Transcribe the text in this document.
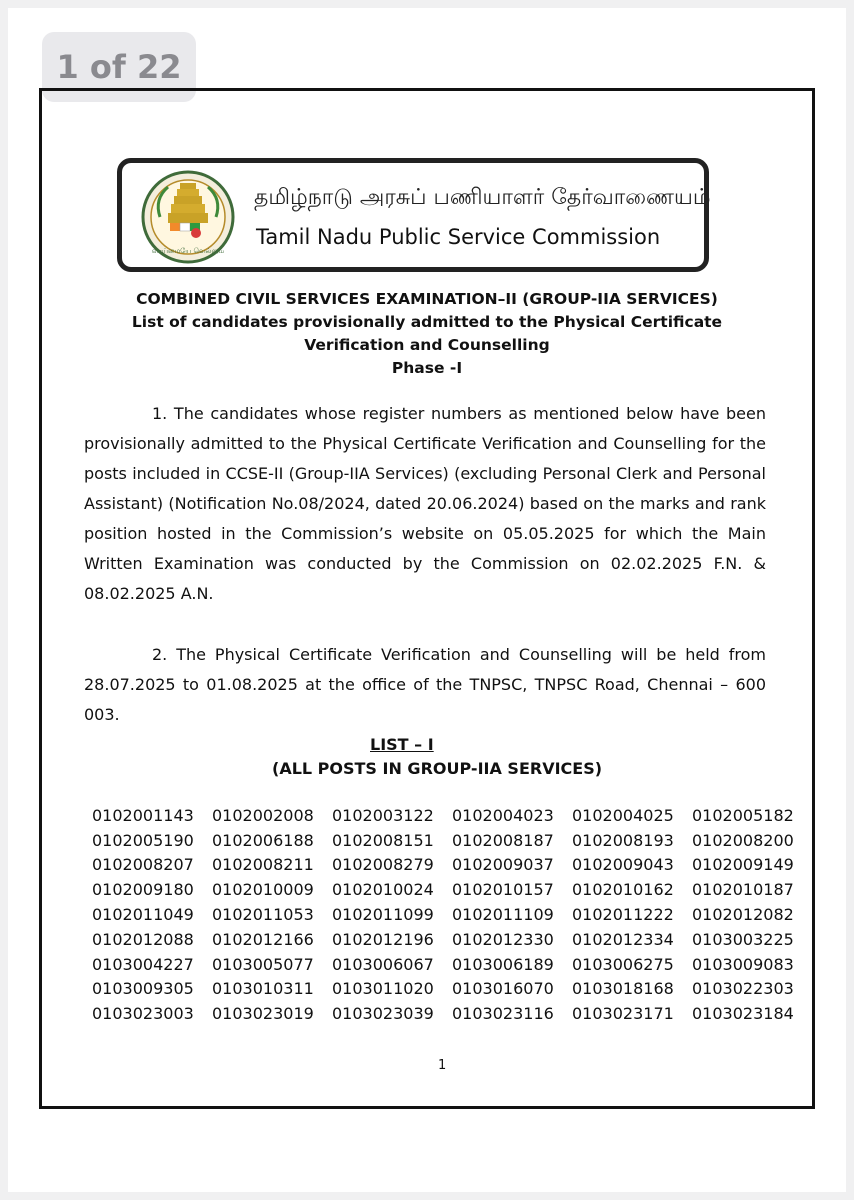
1 of 22
வாய்மையே வெல்லும்
தமிழ்நாடு அரசுப் பணியாளர் தேர்வாணையம்
Tamil Nadu Public Service Commission
COMBINED CIVIL SERVICES EXAMINATION–II (GROUP-IIA SERVICES)
List of candidates provisionally admitted to the Physical Certificate
Verification and Counselling
Phase -I
1. The candidates whose register numbers as mentioned below have been provisionally admitted to the Physical Certificate Verification and Counselling for the posts included in CCSE-II (Group-IIA Services) (excluding Personal Clerk and Personal Assistant) (Notification No.08/2024, dated 20.06.2024) based on the marks and rank position hosted in the Commission’s website on 05.05.2025 for which the Main Written Examination was conducted by the Commission on 02.02.2025 F.N. & 08.02.2025 A.N.
2. The Physical Certificate Verification and Counselling will be held from 28.07.2025 to 01.08.2025 at the office of the TNPSC, TNPSC Road, Chennai – 600 003.
LIST – I
(ALL POSTS IN GROUP-IIA SERVICES)
0102001143	0102002008	0102003122	0102004023	0102004025	0102005182
0102005190	0102006188	0102008151	0102008187	0102008193	0102008200
0102008207	0102008211	0102008279	0102009037	0102009043	0102009149
0102009180	0102010009	0102010024	0102010157	0102010162	0102010187
0102011049	0102011053	0102011099	0102011109	0102011222	0102012082
0102012088	0102012166	0102012196	0102012330	0102012334	0103003225
0103004227	0103005077	0103006067	0103006189	0103006275	0103009083
0103009305	0103010311	0103011020	0103016070	0103018168	0103022303
0103023003	0103023019	0103023039	0103023116	0103023171	0103023184
1
